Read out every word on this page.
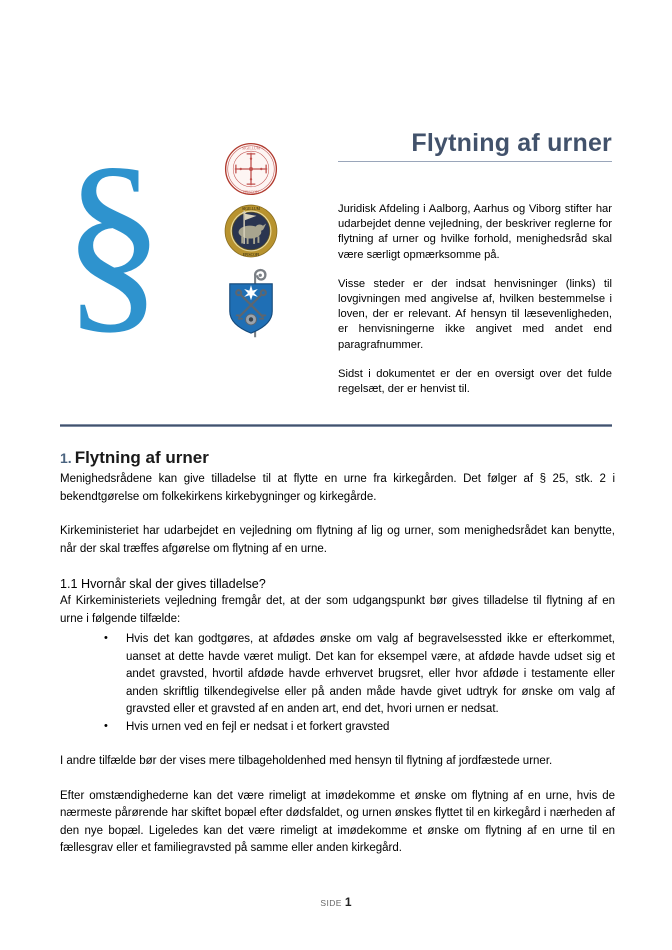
§	SIGILLUM
EPISCOPI
SIGILLUM
EPISCOPI
Flytning af urner

Juridisk Afdeling i Aalborg, Aarhus og Viborg stifter har udarbejdet denne vejledning, der beskriver reglerne for flytning af urner og hvilke forhold, menighedsråd skal være særligt opmærksomme på.

Visse steder er der indsat henvisninger (links) til lovgivningen med angivelse af, hvilken bestemmelse i loven, der er relevant. Af hensyn til læsevenligheden, er henvisningerne ikke angivet med andet end paragrafnummer.

Sidst i dokumentet er der en oversigt over det fulde regelsæt, der er henvist til.

1. Flytning af urner

Menighedsrådene kan give tilladelse til at flytte en urne fra kirkegården. Det følger af § 25, stk. 2 i bekendtgørelse om folkekirkens kirkebygninger og kirkegårde.

Kirkeministeriet har udarbejdet en vejledning om flytning af lig og urner, som menighedsrådet kan benytte, når der skal træffes afgørelse om flytning af en urne.

1.1 Hvornår skal der gives tilladelse?

Af Kirkeministeriets vejledning fremgår det, at der som udgangspunkt bør gives tilladelse til flytning af en urne i følgende tilfælde:

• Hvis det kan godtgøres, at afdødes ønske om valg af begravelsessted ikke er efterkommet, uanset at dette havde været muligt. Det kan for eksempel være, at afdøde havde udset sig et andet gravsted, hvortil afdøde havde erhvervet brugsret, eller hvor afdøde i testamente eller anden skriftlig tilkendegivelse eller på anden måde havde givet udtryk for ønske om valg af gravsted eller et gravsted af en anden art, end det, hvori urnen er nedsat.
• Hvis urnen ved en fejl er nedsat i et forkert gravsted

I andre tilfælde bør der vises mere tilbageholdenhed med hensyn til flytning af jordfæstede urner.

Efter omstændighederne kan det være rimeligt at imødekomme et ønske om flytning af en urne, hvis de nærmeste pårørende har skiftet bopæl efter dødsfaldet, og urnen ønskes flyttet til en kirkegård i nærheden af den nye bopæl. Ligeledes kan det være rimeligt at imødekomme et ønske om flytning af en urne til en fællesgrav eller et familiegravsted på samme eller anden kirkegård.

SIDE 1
